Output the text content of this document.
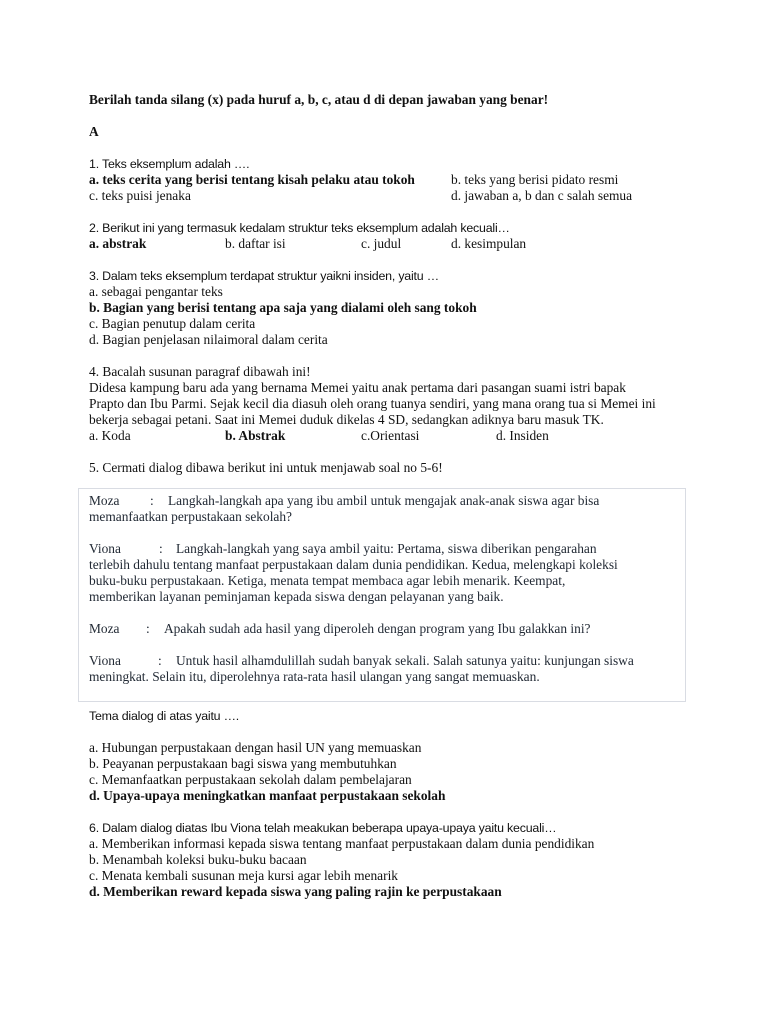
Berilah tanda silang (x) pada huruf a, b, c, atau d di depan jawaban yang benar!
A
1. Teks eksemplum adalah ….
a. teks cerita yang berisi tentang kisah pelaku atau tokoh	b. teks yang berisi pidato resmi
c. teks puisi jenaka	d. jawaban a, b dan c salah semua
2. Berikut ini yang termasuk kedalam struktur teks eksemplum adalah kecuali…
a. abstrak	b. daftar isi	c. judul	d. kesimpulan
3. Dalam teks eksemplum terdapat struktur yaikni insiden, yaitu …
a. sebagai pengantar teks
b. Bagian yang berisi tentang apa saja yang dialami oleh sang tokoh
c. Bagian penutup dalam cerita
d. Bagian penjelasan nilaimoral dalam cerita
4. Bacalah susunan paragraf dibawah ini!
Didesa kampung baru ada yang bernama Memei yaitu anak pertama dari pasangan suami istri bapak
Prapto dan Ibu Parmi. Sejak kecil dia diasuh oleh orang tuanya sendiri, yang mana orang tua si Memei ini
bekerja sebagai petani. Saat ini Memei duduk dikelas 4 SD, sedangkan adiknya baru masuk TK.
a. Koda	b. Abstrak	c.Orientasi	d. Insiden
5. Cermati dialog dibawa berikut ini untuk menjawab soal no 5-6!
Moza : Langkah-langkah apa yang ibu ambil untuk mengajak anak-anak siswa agar bisa
memanfaatkan perpustakaan sekolah?
Viona	: Langkah-langkah yang saya ambil yaitu: Pertama, siswa diberikan pengarahan
terlebih dahulu tentang manfaat perpustakaan dalam dunia pendidikan. Kedua, melengkapi koleksi
buku-buku perpustakaan. Ketiga, menata tempat membaca agar lebih menarik. Keempat,
memberikan layanan peminjaman kepada siswa dengan pelayanan yang baik.
Moza : Apakah sudah ada hasil yang diperoleh dengan program yang Ibu galakkan ini?
Viona	: Untuk hasil alhamdulillah sudah banyak sekali. Salah satunya yaitu: kunjungan siswa
meningkat. Selain itu, diperolehnya rata-rata hasil ulangan yang sangat memuaskan.
Tema dialog di atas yaitu ….
a. Hubungan perpustakaan dengan hasil UN yang memuaskan
b. Peayanan perpustakaan bagi siswa yang membutuhkan
c. Memanfaatkan perpustakaan sekolah dalam pembelajaran
d. Upaya-upaya meningkatkan manfaat perpustakaan sekolah
6. Dalam dialog diatas Ibu Viona telah meakukan beberapa upaya-upaya yaitu kecuali…
a. Memberikan informasi kepada siswa tentang manfaat perpustakaan dalam dunia pendidikan
b. Menambah koleksi buku-buku bacaan
c. Menata kembali susunan meja kursi agar lebih menarik
d. Memberikan reward kepada siswa yang paling rajin ke perpustakaan
